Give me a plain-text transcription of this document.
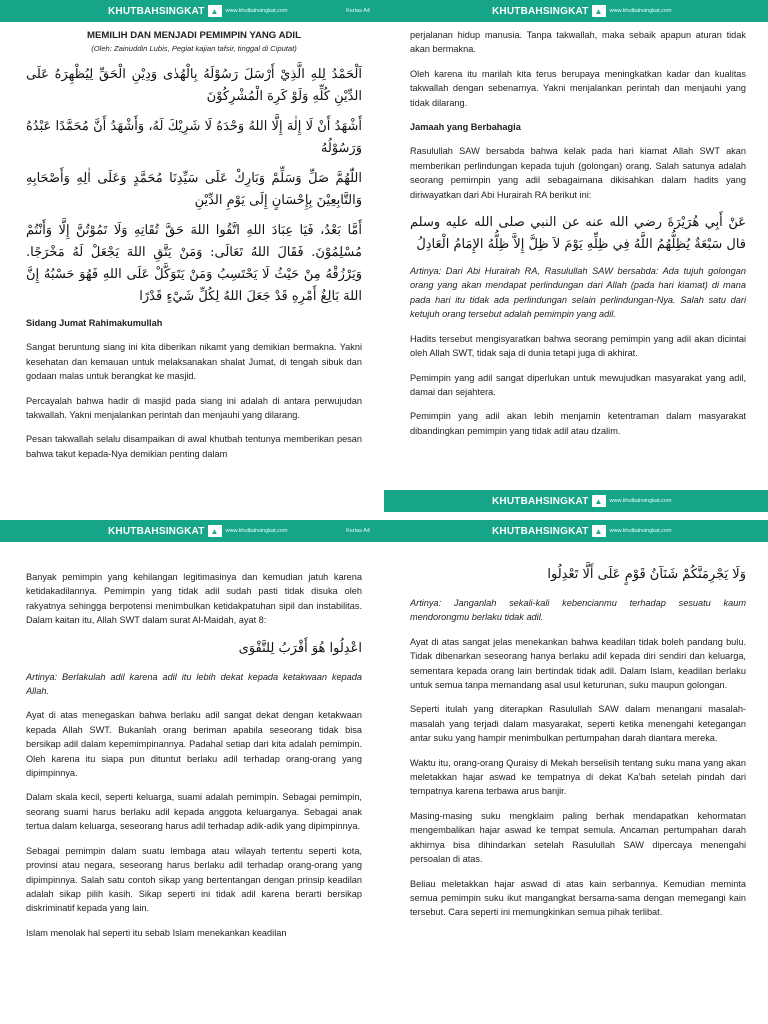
KHUTBAHSINGKAT ▲	www.khutbahsingkat.com	Kertas A4
MEMILIH DAN MENJADI PEMIMPIN YANG ADIL
(Oleh: Zainuddin Lubis, Pegiat kajian tafsir, tinggal di Ciputat)
اَلْحَمْدُ لِلهِ الَّذِيْ أَرْسَلَ رَسُوْلَهُ بِالْهُدٰى وَدِيْنِ الْحَقِّ لِيُظْهِرَهُ عَلَى الدِّيْنِ كُلِّهِ وَلَوْ كَرِهَ الْمُشْرِكُوْنَ
أَشْهَدُ أَنْ لَا إِلٰهَ إِلَّا اللهُ وَحْدَهُ لَا شَرِيْكَ لَهُ، وَأَشْهَدُ أَنَّ مُحَمَّدًا عَبْدُهُ وَرَسُوْلُهُ
اللّٰهُمَّ صَلِّ وَسَلِّمْ وَبَارِكْ عَلَى سَيِّدِنَا مُحَمَّدٍ وَعَلَى اٰلِهِ وَأَصْحَابِهِ وَالتَّابِعِيْنَ بِإِحْسَانٍ إِلَى يَوْمِ الدِّيْنِ
أَمَّا بَعْدُ، فَيَا عِبَادَ اللهِ اتَّقُوا اللهَ حَقَّ تُقَاتِهِ وَلَا تَمُوْتُنَّ إِلَّا وَأَنْتُمْ مُسْلِمُوْنَ. فَقَالَ اللهُ تَعَالَى: وَمَنْ يَتَّقِ اللهَ يَجْعَلْ لَهُ مَخْرَجًا. وَيَرْزُقْهُ مِنْ حَيْثُ لَا يَحْتَسِبُ وَمَنْ يَتَوَكَّلْ عَلَى اللهِ فَهُوَ حَسْبُهُ إِنَّ اللهَ بَالِغُ أَمْرِهِ قَدْ جَعَلَ اللهُ لِكُلِّ شَيْءٍ قَدْرًا

Sidang Jumat Rahimakumullah

Sangat beruntung siang ini kita diberikan nikamt yang demikian bermakna. Yakni kesehatan dan kemauan untuk melaksanakan shalat Jumat, di tengah sibuk dan godaan malas untuk berangkat ke masjid.

Percayalah bahwa hadir di masjid pada siang ini adalah di antara perwujudan takwallah. Yakni menjalankan perintah dan menjauhi yang dilarang.

Pesan takwallah selalu disampaikan di awal khutbah tentunya memberikan pesan bahwa takut kepada-Nya demikian penting dalam

KHUTBAHSINGKAT ▲	www.khutbahsingkat.com

perjalanan hidup manusia. Tanpa takwallah, maka sebaik apapun aturan tidak akan bermakna.

Oleh karena itu marilah kita terus berupaya meningkatkan kadar dan kualitas takwallah dengan sebenarnya. Yakni menjalankan perintah dan menjauhi yang tidak dilarang.

Jamaah yang Berbahagia

Rasulullah SAW bersabda bahwa kelak pada hari kiamat Allah SWT akan memberikan perlindungan kepada tujuh (golongan) orang. Salah satunya adalah seorang pemimpin yang adil sebagaimana dikisahkan dalam hadits yang diriwayatkan dari Abi Hurairah RA berikut ini:

عَنْ أَبِي هُرَيْرَةَ رضي الله عنه عن النبي صلى الله عليه وسلم قال سَبْعَةٌ يُظِلُّهُمُ اللَّهُ فِي ظِلِّهِ يَوْمَ لاَ ظِلَّ إِلاَّ ظِلُّهُ الإِمَامُ الْعَادِلُ

Artinya: Dari Abi Hurairah RA, Rasulullah SAW bersabda: Ada tujuh golongan orang yang akan mendapat perlindungan dari Allah (pada hari kiamat) di mana pada hari itu tidak ada perlindungan selain perlindungan-Nya. Salah satu dari ketujuh orang tersebut adalah pemimpin yang adil.

Hadits tersebut mengisyaratkan bahwa seorang pemimpin yang adil akan dicintai oleh Allah SWT, tidak saja di dunia tetapi juga di akhirat.

Pemimpin yang adil sangat diperlukan untuk mewujudkan masyarakat yang adil, damai dan sejahtera.

Pemimpin yang adil akan lebih menjamin ketentraman dalam masyarakat dibandingkan pemimpin yang tidak adil atau dzalim.

KHUTBAHSINGKAT ▲	www.khutbahsingkat.com
KHUTBAHSINGKAT ▲	www.khutbahsingkat.com	Kertas A4

Banyak pemimpin yang kehilangan legitimasinya dan kemudian jatuh karena ketidakadilannya. Pemimpin yang tidak adil sudah pasti tidak disuka oleh rakyatnya sehingga berpotensi menimbulkan ketidakpatuhan sipil dan instabilitas. Dalam kaitan itu, Allah SWT dalam surat Al-Maidah, ayat 8:

اعْدِلُوا هُوَ أَقْرَبُ لِلتَّقْوَى

Artinya: Berlakulah adil karena adil itu lebih dekat kepada ketakwaan kepada Allah.

Ayat di atas menegaskan bahwa berlaku adil sangat dekat dengan ketakwaan kepada Allah SWT. Bukanlah orang beriman apabila seseorang tidak bisa bersikap adil dalam kepemimpinannya. Padahal setiap dari kita adalah pemimpin. Oleh karena itu siapa pun dituntut berlaku adil terhadap orang-orang yang dipimpinnya.

Dalam skala kecil, seperti keluarga, suami adalah pemimpin. Sebagai pemimpin, seorang suami harus berlaku adil kepada anggota keluarganya. Sebagai anak tertua dalam keluarga, seseorang harus adil terhadap adik-adik yang dipimpinnya.

Sebagai pemimpin dalam suatu lembaga atau wilayah tertentu seperti kota, provinsi atau negara, seseorang harus berlaku adil terhadap orang-orang yang dipimpinnya. Salah satu contoh sikap yang bertentangan dengan prinsip keadilan adalah sikap pilih kasih. Sikap seperti ini tidak adil karena berarti bersikap diskriminatif kepada yang lain.

Islam menolak hal seperti itu sebab Islam menekankan keadilan

KHUTBAHSINGKAT ▲	www.khutbahsingkat.com
وَلَا يَجْرِمَنَّكُمْ شَنَآنُ قَوْمٍ عَلَى أَلَّا تَعْدِلُوا

Artinya: Janganlah sekali-kali kebencianmu terhadap sesuatu kaum mendorongmu berlaku tidak adil.

Ayat di atas sangat jelas menekankan bahwa keadilan tidak boleh pandang bulu. Tidak dibenarkan seseorang hanya berlaku adil kepada diri sendiri dan keluarga, sementara kepada orang lain bertindak tidak adil. Dalam Islam, keadilan berlaku untuk semua tanpa memandang asal usul keturunan, suku maupun golongan.

Seperti itulah yang diterapkan Rasulullah SAW dalam menangani masalah-masalah yang terjadi dalam masyarakat, seperti ketika menengahi ketegangan antar suku yang hampir menimbulkan pertumpahan darah diantara mereka.

Waktu itu, orang-orang Quraisy di Mekah berselisih tentang suku mana yang akan meletakkan hajar aswad ke tempatnya di dekat Ka'bah setelah pindah dari tempatnya karena terbawa arus banjir.

Masing-masing suku mengklaim paling berhak mendapatkan kehormatan mengembalikan hajar aswad ke tempat semula. Ancaman pertumpahan darah akhirnya bisa dihindarkan setelah Rasulullah SAW dipercaya menengahi persoalan di atas.

Beliau meletakkan hajar aswad di atas kain serbannya. Kemudian meminta semua pemimpin suku ikut mangangkat bersama-sama dengan memegangi kain tersebut. Cara seperti ini memungkinkan semua pihak terlibat.
